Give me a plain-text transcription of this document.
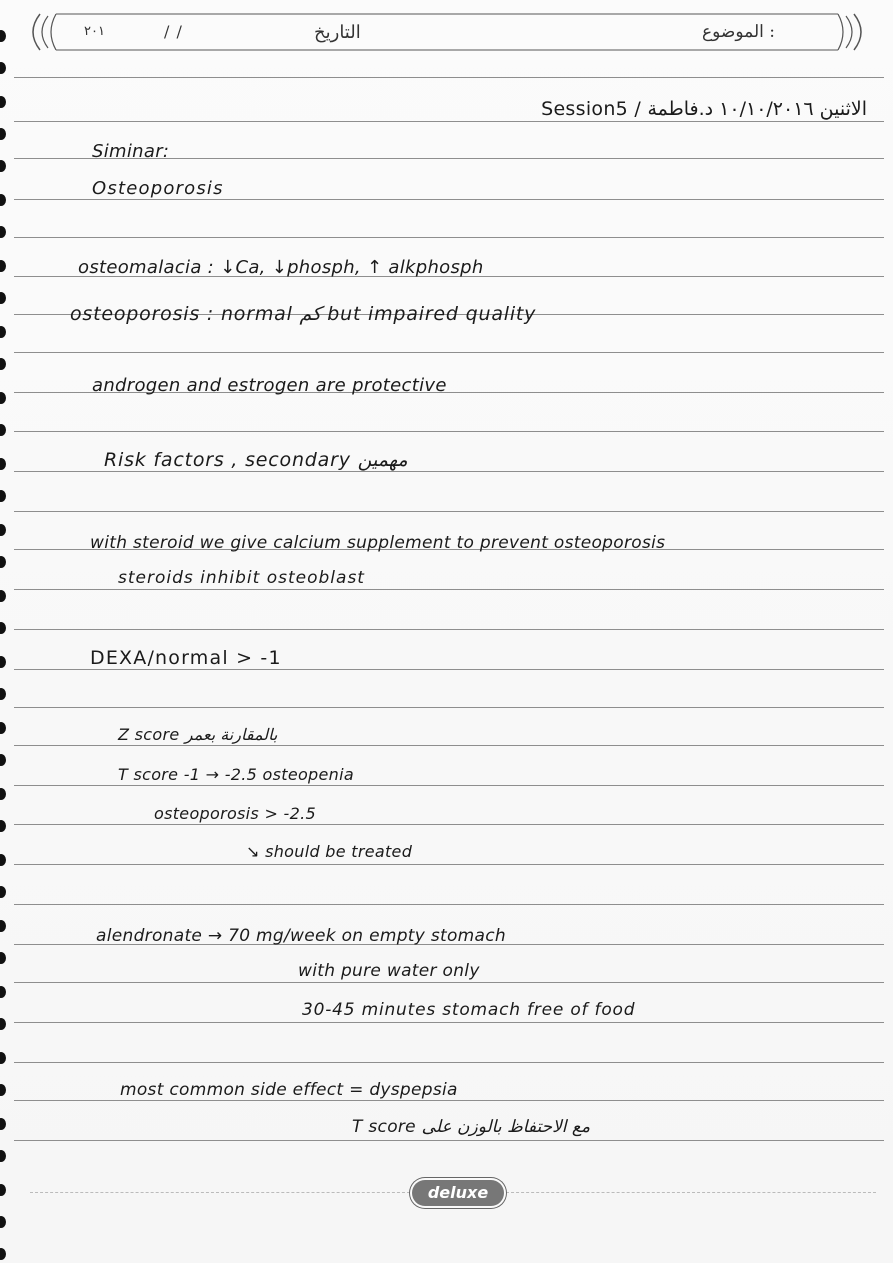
٢٠١	/ /	التاريخ	الموضوع :
Session5 / الاثنين ١٠/١٠/٢٠١٦ د.فاطمة
Siminar:
Osteoporosis
osteomalacia : ↓Ca, ↓phosph, ↑ alkphosph
osteoporosis : normal كم but impaired quality
androgen and estrogen are protective
Risk factors , secondary مهمين
with steroid we give calcium supplement to prevent osteoporosis
steroids inhibit osteoblast
DEXA/normal > -1
Z score بالمقارنة بعمر
T score -1 → -2.5 osteopenia
osteoporosis > -2.5
↘ should be treated
alendronate → 70 mg/week on empty stomach
with pure water only
30-45 minutes stomach free of food
most common side effect = dyspepsia
T score مع الاحتفاظ بالوزن على
deluxe
